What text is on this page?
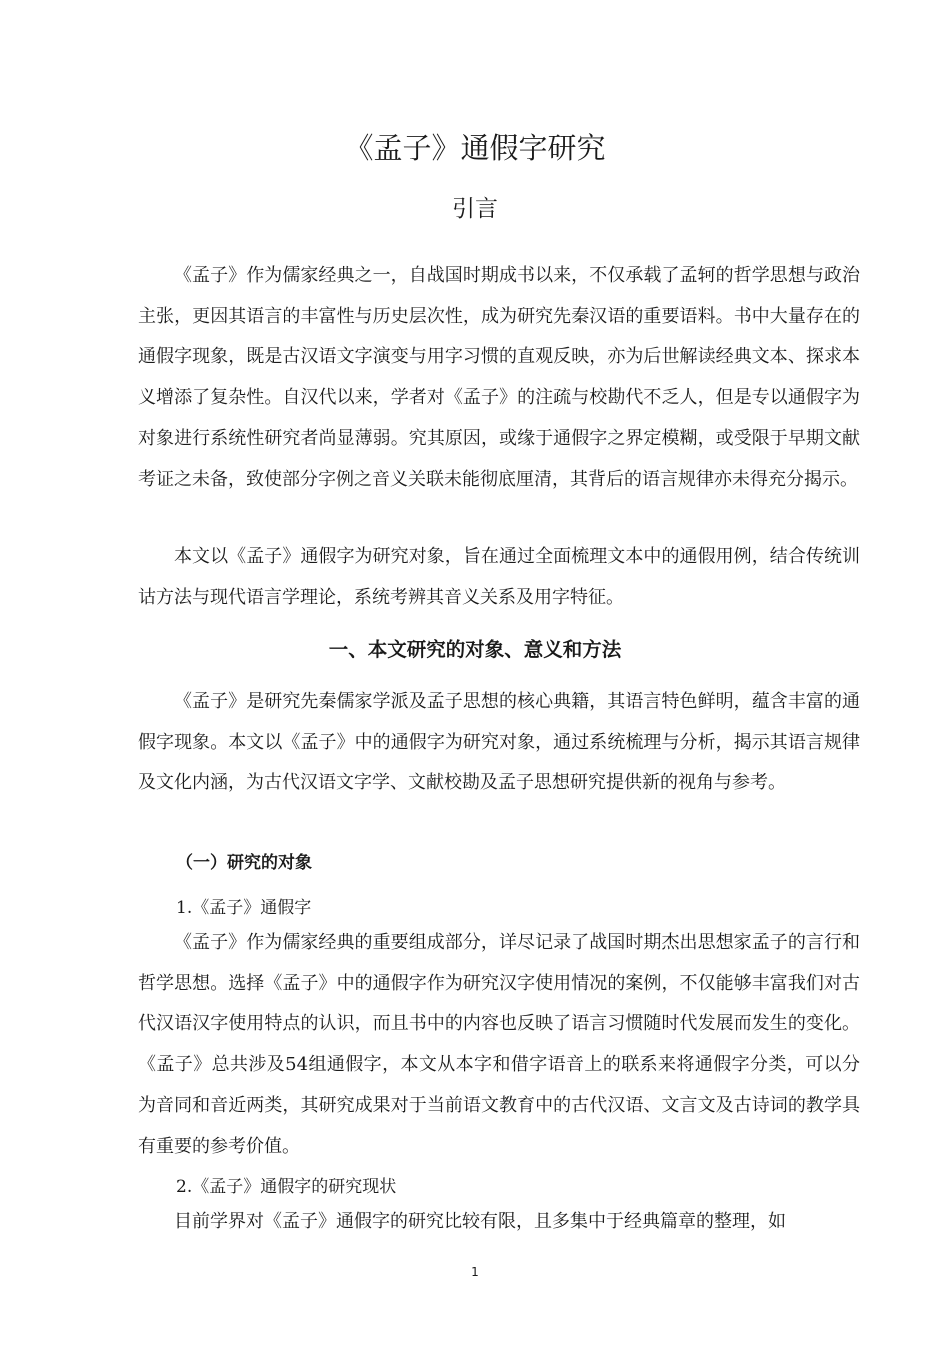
《孟子》通假字研究
引言

《孟子》作为儒家经典之一，自战国时期成书以来，不仅承载了孟轲的哲学思想与政治主张，更因其语言的丰富性与历史层次性，成为研究先秦汉语的重要语料。书中大量存在的通假字现象，既是古汉语文字演变与用字习惯的直观反映，亦为后世解读经典文本、探求本义增添了复杂性。自汉代以来，学者对《孟子》的注疏与校勘代不乏人，但是专以通假字为对象进行系统性研究者尚显薄弱。究其原因，或缘于通假字之界定模糊，或受限于早期文献考证之未备，致使部分字例之音义关联未能彻底厘清，其背后的语言规律亦未得充分揭示。

本文以《孟子》通假字为研究对象，旨在通过全面梳理文本中的通假用例，结合传统训诂方法与现代语言学理论，系统考辨其音义关系及用字特征。

一、本文研究的对象、意义和方法

《孟子》是研究先秦儒家学派及孟子思想的核心典籍，其语言特色鲜明，蕴含丰富的通假字现象。本文以《孟子》中的通假字为研究对象，通过系统梳理与分析，揭示其语言规律及文化内涵，为古代汉语文字学、文献校勘及孟子思想研究提供新的视角与参考。

（一）研究的对象
1.《孟子》通假字

《孟子》作为儒家经典的重要组成部分，详尽记录了战国时期杰出思想家孟子的言行和哲学思想。选择《孟子》中的通假字作为研究汉字使用情况的案例，不仅能够丰富我们对古代汉语汉字使用特点的认识，而且书中的内容也反映了语言习惯随时代发展而发生的变化。《孟子》总共涉及54组通假字，本文从本字和借字语音上的联系来将通假字分类，可以分为音同和音近两类，其研究成果对于当前语文教育中的古代汉语、文言文及古诗词的教学具有重要的参考价值。

2.《孟子》通假字的研究现状

目前学界对《孟子》通假字的研究比较有限，且多集中于经典篇章的整理，如

1
